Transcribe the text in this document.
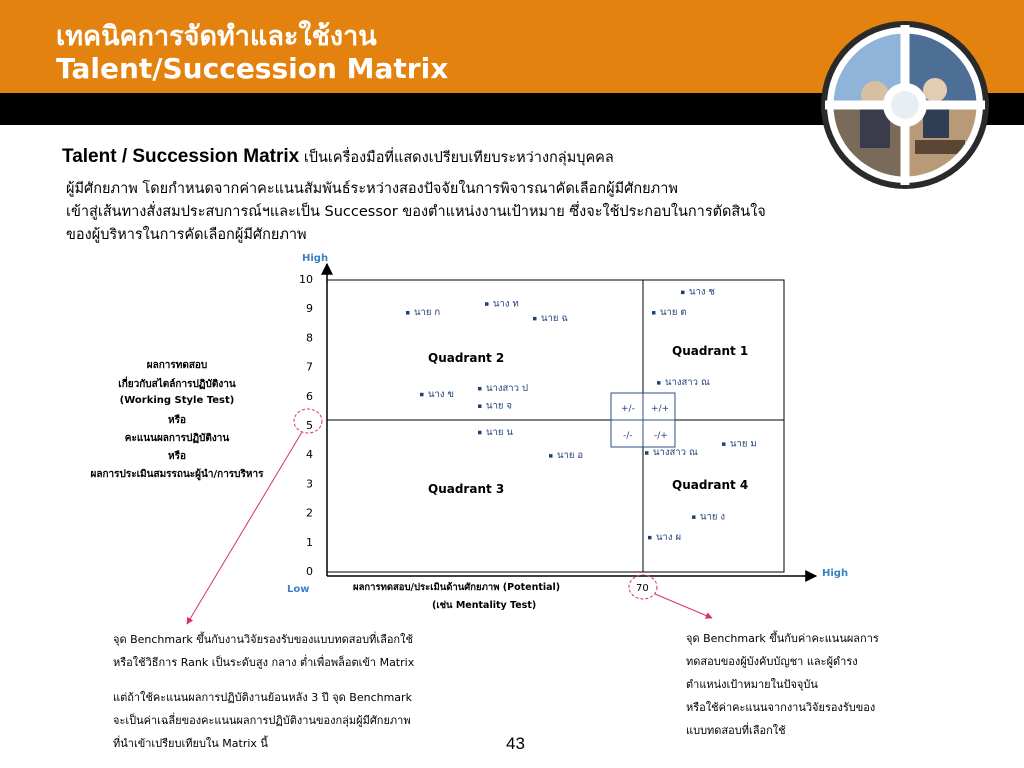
เทคนิคการจัดทำและใช้งาน
Talent/Succession Matrix
Talent / Succession Matrix เป็นเครื่องมือที่แสดงเปรียบเทียบระหว่างกลุ่มบุคคล
ผู้มีศักยภาพ โดยกำหนดจากค่าคะแนนสัมพันธ์ระหว่างสองปัจจัยในการพิจารณาคัดเลือกผู้มีศักยภาพ
เข้าสู่เส้นทางสั่งสมประสบการณ์ฯและเป็น Successor ของตำแหน่งงานเป้าหมาย ซึ่งจะใช้ประกอบในการตัดสินใจ
ของผู้บริหารในการคัดเลือกผู้มีศักยภาพ
ผลการทดสอบ
เกี่ยวกับสไตล์การปฏิบัติงาน
(Working Style Test)
หรือ
คะแนนผลการปฏิบัติงาน
หรือ
ผลการประเมินสมรรถนะผู้นำ/การบริหาร
High
High
Low
10
9
8
7
6
5
4
3
2
1
0
Quadrant 2	Quadrant 1
Quadrant 3	Quadrant 4
+/- +/+
-/- -/+
นาย ก
นาง ท
นาย ฉ
นาง ช
นาย ต
นาง ข
นางสาว ป
นาย จ
นาย น
นางสาว ณ
นาย อ	นางสาว ณ
นาย ม
นาย ง
นาง ผ
70
ผลการทดสอบ/ประเมินด้านศักยภาพ (Potential)
(เช่น Mentality Test)
จุด Benchmark ขึ้นกับงานวิจัยรองรับของแบบทดสอบที่เลือกใช้
หรือใช้วิธีการ Rank เป็นระดับสูง กลาง ต่ำเพื่อพล็อตเข้า Matrix
แต่ถ้าใช้คะแนนผลการปฏิบัติงานย้อนหลัง 3 ปี จุด Benchmark
จะเป็นค่าเฉลี่ยของคะแนนผลการปฏิบัติงานของกลุ่มผู้มีศักยภาพ
ที่นำเข้าเปรียบเทียบใน Matrix นี้
จุด Benchmark ขึ้นกับค่าคะแนนผลการ
ทดสอบของผู้บังคับบัญชา และผู้ดำรง
ตำแหน่งเป้าหมายในปัจจุบัน
หรือใช้ค่าคะแนนจากงานวิจัยรองรับของ
แบบทดสอบที่เลือกใช้
43
